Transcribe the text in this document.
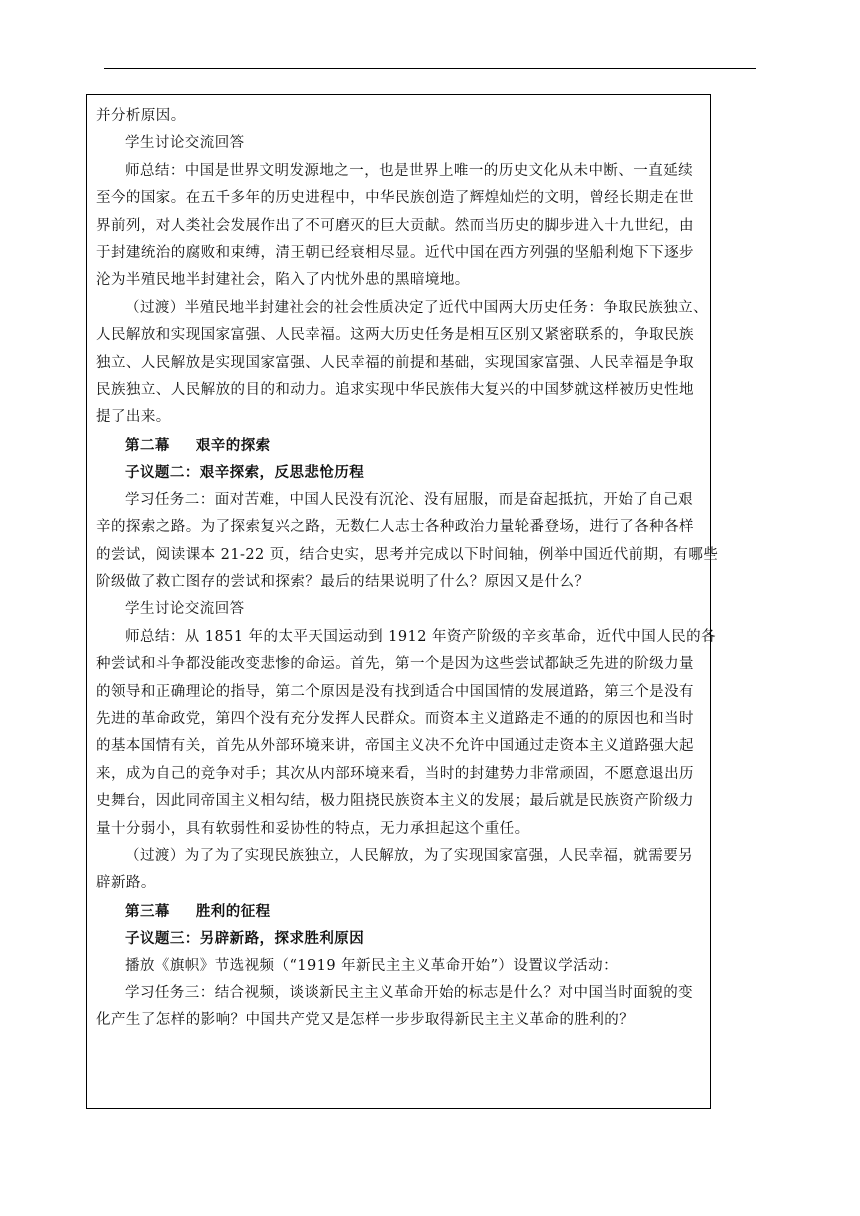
并分析原因。
学生讨论交流回答
师总结：中国是世界文明发源地之一，也是世界上唯一的历史文化从未中断、一直延续
至今的国家。在五千多年的历史进程中，中华民族创造了辉煌灿烂的文明，曾经长期走在世
界前列，对人类社会发展作出了不可磨灭的巨大贡献。然而当历史的脚步进入十九世纪，由
于封建统治的腐败和束缚，清王朝已经衰相尽显。近代中国在西方列强的坚船利炮下下逐步
沦为半殖民地半封建社会，陷入了内忧外患的黑暗境地。
（过渡）半殖民地半封建社会的社会性质决定了近代中国两大历史任务：争取民族独立、
人民解放和实现国家富强、人民幸福。这两大历史任务是相互区别又紧密联系的，争取民族
独立、人民解放是实现国家富强、人民幸福的前提和基础，实现国家富强、人民幸福是争取
民族独立、人民解放的目的和动力。追求实现中华民族伟大复兴的中国梦就这样被历史性地
提了出来。
第二幕 艰辛的探索
子议题二：艰辛探索，反思悲怆历程
学习任务二：面对苦难，中国人民没有沉沦、没有屈服，而是奋起抵抗，开始了自己艰
辛的探索之路。为了探索复兴之路，无数仁人志士各种政治力量轮番登场，进行了各种各样
的尝试，阅读课本 21-22 页，结合史实，思考并完成以下时间轴，例举中国近代前期，有哪些
阶级做了救亡图存的尝试和探索？最后的结果说明了什么？原因又是什么？
学生讨论交流回答
师总结：从 1851 年的太平天国运动到 1912 年资产阶级的辛亥革命，近代中国人民的各
种尝试和斗争都没能改变悲惨的命运。首先，第一个是因为这些尝试都缺乏先进的阶级力量
的领导和正确理论的指导，第二个原因是没有找到适合中国国情的发展道路，第三个是没有
先进的革命政党，第四个没有充分发挥人民群众。而资本主义道路走不通的的原因也和当时
的基本国情有关，首先从外部环境来讲，帝国主义决不允许中国通过走资本主义道路强大起
来，成为自己的竞争对手；其次从内部环境来看，当时的封建势力非常顽固，不愿意退出历
史舞台，因此同帝国主义相勾结，极力阻挠民族资本主义的发展；最后就是民族资产阶级力
量十分弱小，具有软弱性和妥协性的特点，无力承担起这个重任。
（过渡）为了为了实现民族独立，人民解放，为了实现国家富强，人民幸福，就需要另
辟新路。
第三幕 胜利的征程
子议题三：另辟新路，探求胜利原因
播放《旗帜》节选视频（“1919 年新民主主义革命开始”）设置议学活动：
学习任务三：结合视频，谈谈新民主主义革命开始的标志是什么？对中国当时面貌的变
化产生了怎样的影响？中国共产党又是怎样一步步取得新民主主义革命的胜利的？
